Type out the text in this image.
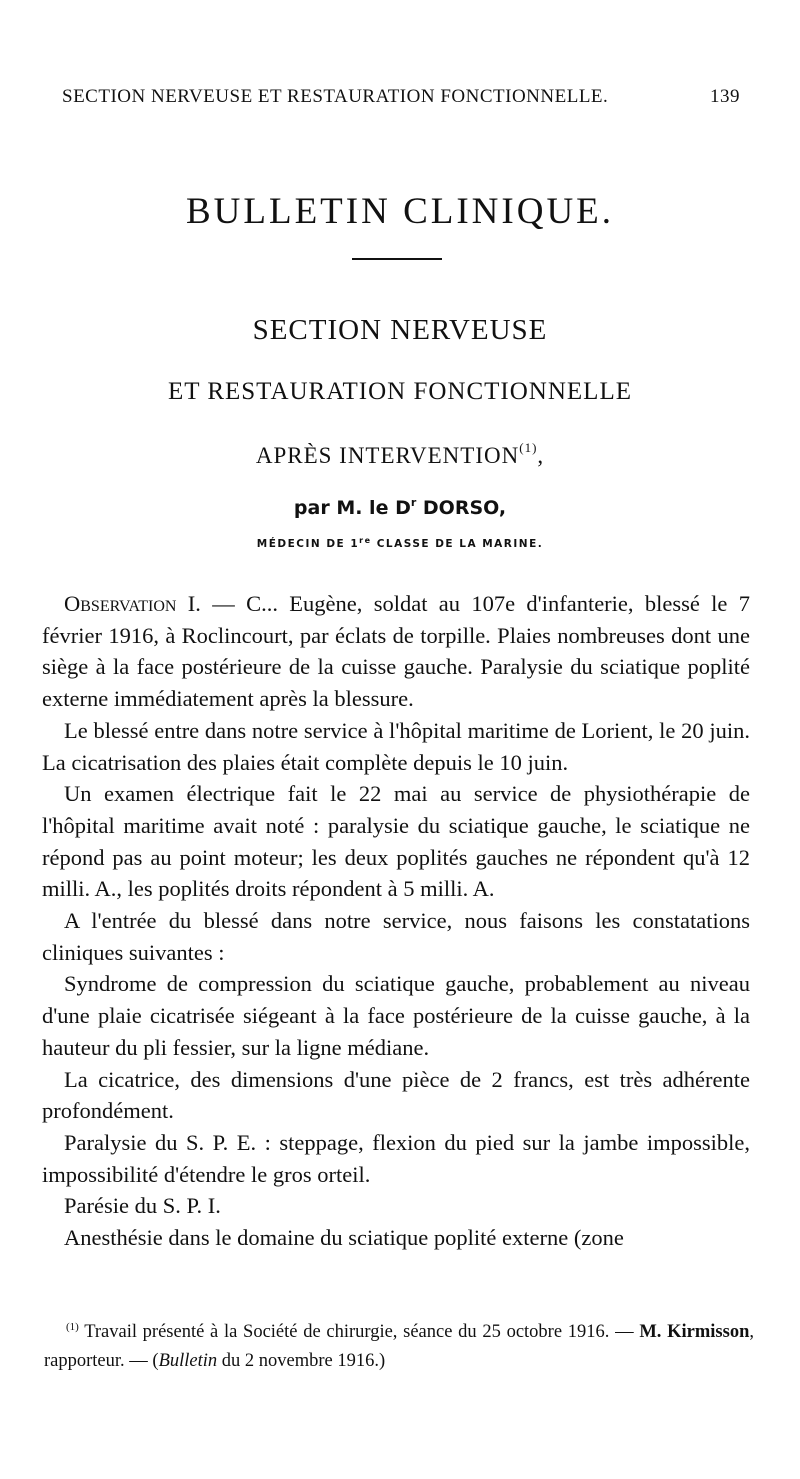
SECTION NERVEUSE ET RESTAURATION FONCTIONNELLE.	139
BULLETIN CLINIQUE.
SECTION NERVEUSE
ET RESTAURATION FONCTIONNELLE
APRÈS INTERVENTION$^{(1)}$,
par M. le $D^r$ DORSO,
MÉDECIN DE 1re CLASSE DE LA MARINE.

Observation I. — C... Eugène, soldat au 107e d'infanterie, blessé le 7 février 1916, à Roclincourt, par éclats de torpille. Plaies nombreuses dont une siège à la face postérieure de la cuisse gauche. Paralysie du sciatique poplité externe immédiatement après la blessure.

Le blessé entre dans notre service à l'hôpital maritime de Lorient, le 20 juin. La cicatrisation des plaies était complète depuis le 10 juin.

Un examen électrique fait le 22 mai au service de physiothérapie de l'hôpital maritime avait noté : paralysie du sciatique gauche, le sciatique ne répond pas au point moteur; les deux poplités gauches ne répondent qu'à 12 milli. A., les poplités droits répondent à 5 milli. A.

A l'entrée du blessé dans notre service, nous faisons les constatations cliniques suivantes :

Syndrome de compression du sciatique gauche, probablement au niveau d'une plaie cicatrisée siégeant à la face postérieure de la cuisse gauche, à la hauteur du pli fessier, sur la ligne médiane.

La cicatrice, des dimensions d'une pièce de 2 francs, est très adhérente profondément.

Paralysie du S. P. E. : steppage, flexion du pied sur la jambe impossible, impossibilité d'étendre le gros orteil.

Parésie du S. P. I.

Anesthésie dans le domaine du sciatique poplité externe (zone

$^{(1)}$ Travail présenté à la Société de chirurgie, séance du 25 octobre 1916. — M. Kirmisson, rapporteur. — (Bulletin du 2 novembre 1916.)
